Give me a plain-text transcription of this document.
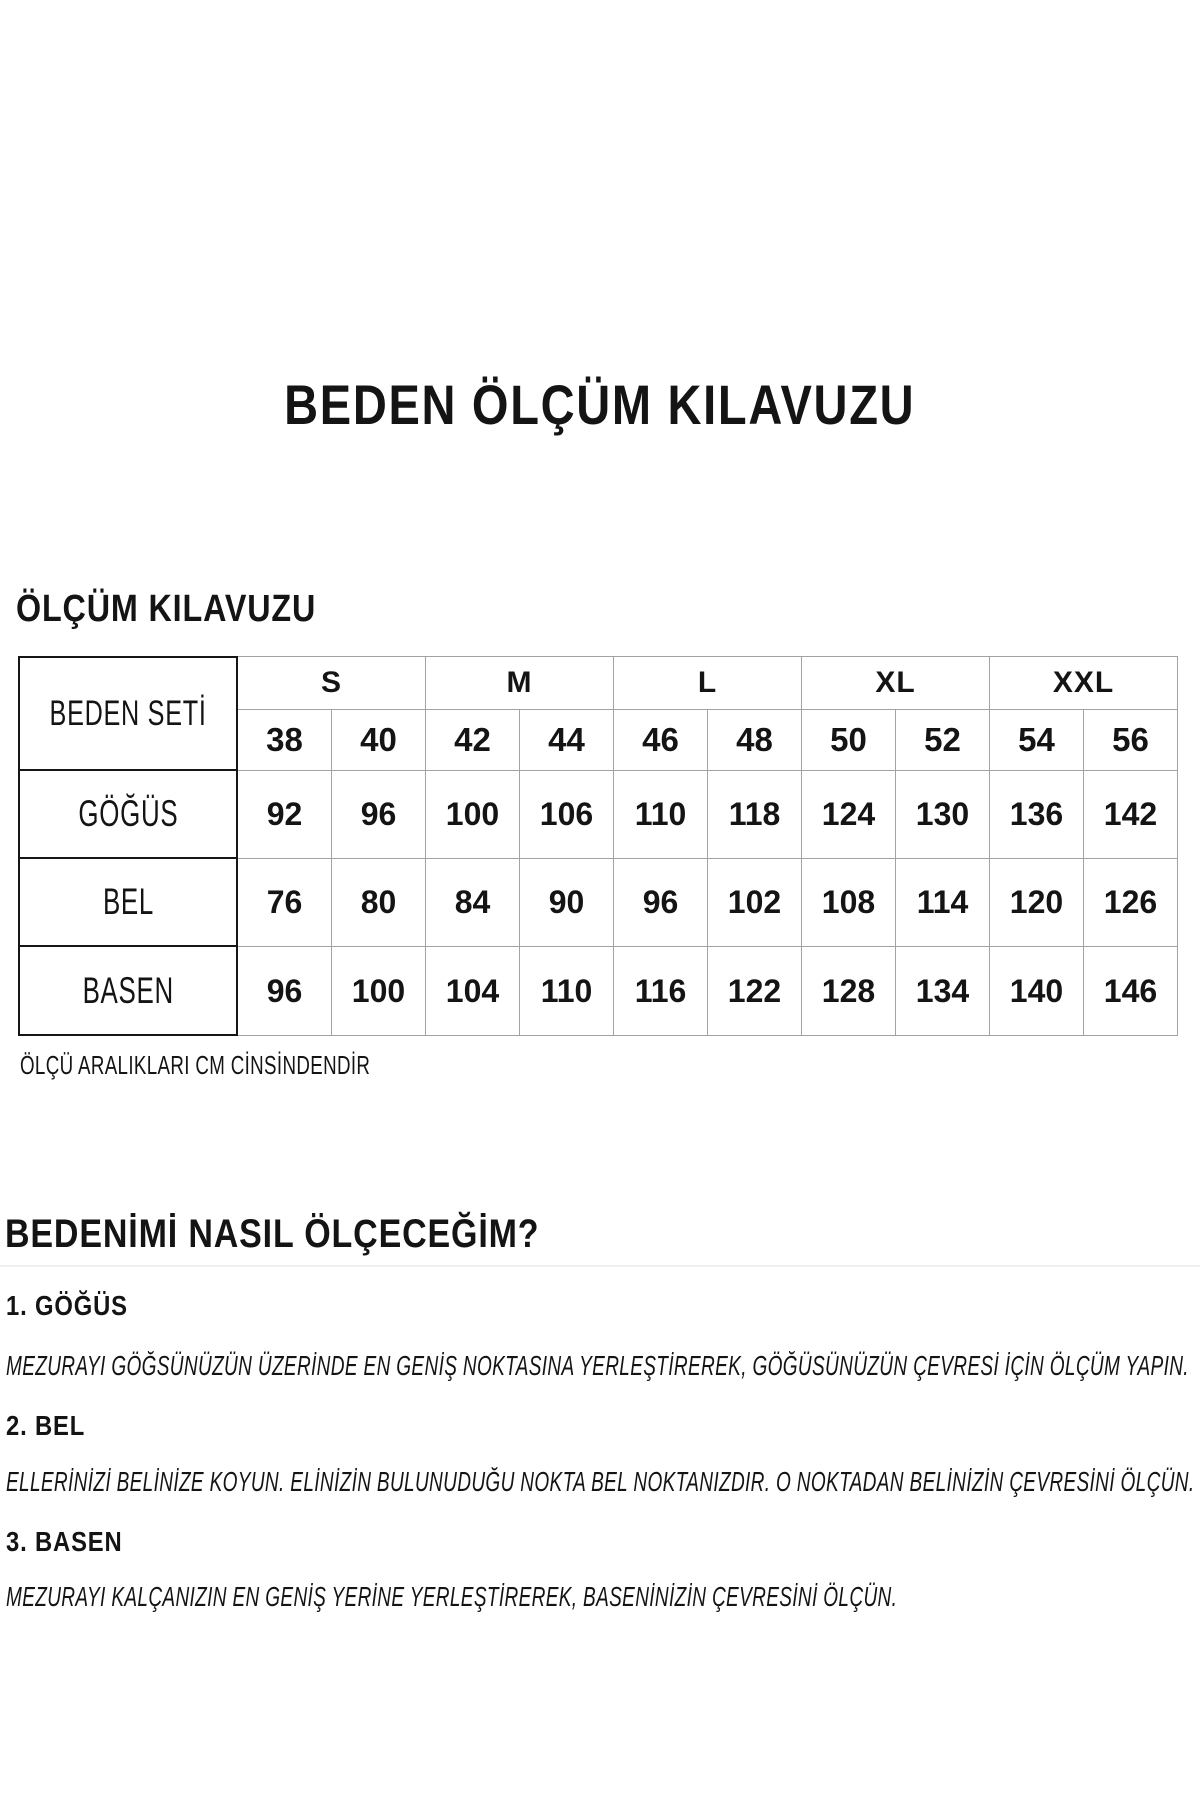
BEDEN ÖLÇÜM KILAVUZU
ÖLÇÜM KILAVUZU
BEDEN SETİ
S	M	L	XL	XXL
38 40 42 44 46 48 50 52 54 56
GÖĞÜS	92 96 100 106 110 118 124 130 136 142
BEL	76 80 84 90 96 102 108 114 120 126
BASEN	96 100 104 110 116 122 128 134 140 146
ÖLÇÜ ARALIKLARI CM CİNSİNDENDİR
BEDENİMİ NASIL ÖLÇECEĞİM?
1. GÖĞÜS
MEZURAYI GÖĞSÜNÜZÜN ÜZERİNDE EN GENİŞ NOKTASINA YERLEŞTİREREK, GÖĞÜSÜNÜZÜN ÇEVRESİ İÇİN ÖLÇÜM YAPIN.
2. BEL
ELLERİNİZİ BELİNİZE KOYUN. ELİNİZİN BULUNUDUĞU NOKTA BEL NOKTANIZDIR. O NOKTADAN BELİNİZİN ÇEVRESİNİ ÖLÇÜN.
3. BASEN
MEZURAYI KALÇANIZIN EN GENİŞ YERİNE YERLEŞTİREREK, BASENİNİZİN ÇEVRESİNİ ÖLÇÜN.
